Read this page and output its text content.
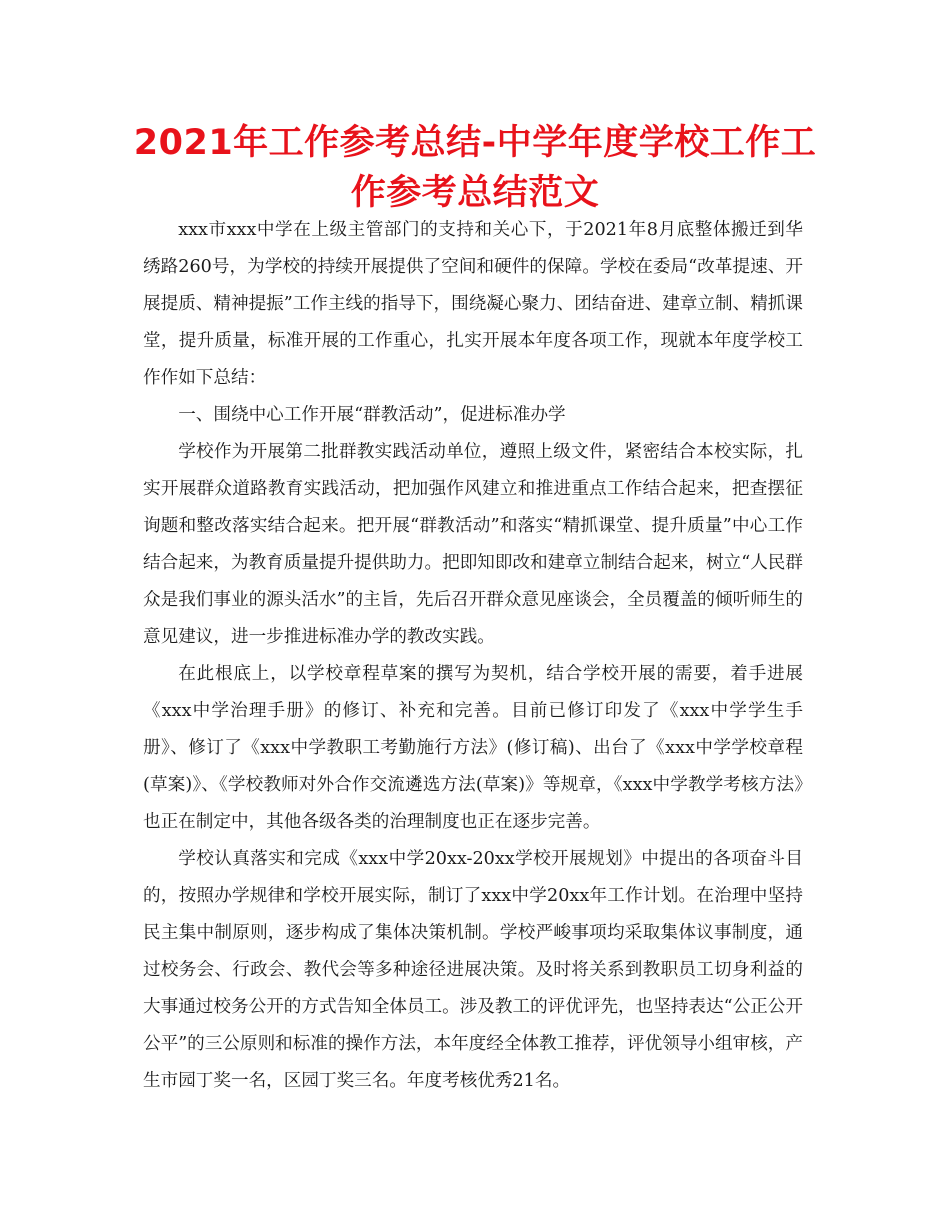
2021年工作参考总结-中学年度学校工作工作参考总结范文

xxx市xxx中学在上级主管部门的支持和关心下，于2021年8月底整体搬迁到华绣路260号，为学校的持续开展提供了空间和硬件的保障。学校在委局“改革提速、开展提质、精神提振”工作主线的指导下，围绕凝心聚力、团结奋进、建章立制、精抓课堂，提升质量，标准开展的工作重心，扎实开展本年度各项工作，现就本年度学校工作作如下总结：

一、围绕中心工作开展“群教活动”，促进标准办学

学校作为开展第二批群教实践活动单位，遵照上级文件，紧密结合本校实际，扎实开展群众道路教育实践活动，把加强作风建立和推进重点工作结合起来，把查摆征询题和整改落实结合起来。把开展“群教活动”和落实“精抓课堂、提升质量”中心工作结合起来，为教育质量提升提供助力。把即知即改和建章立制结合起来，树立“人民群众是我们事业的源头活水”的主旨，先后召开群众意见座谈会，全员覆盖的倾听师生的意见建议，进一步推进标准办学的教改实践。

在此根底上，以学校章程草案的撰写为契机，结合学校开展的需要，着手进展《xxx中学治理手册》的修订、补充和完善。目前已修订印发了《xxx中学学生手册》、修订了《xxx中学教职工考勤施行方法》(修订稿)、出台了《xxx中学学校章程(草案)》、《学校教师对外合作交流遴选方法(草案)》等规章，《xxx中学教学考核方法》也正在制定中，其他各级各类的治理制度也正在逐步完善。

学校认真落实和完成《xxx中学20xx-20xx学校开展规划》中提出的各项奋斗目的，按照办学规律和学校开展实际，制订了xxx中学20xx年工作计划。在治理中坚持民主集中制原则，逐步构成了集体决策机制。学校严峻事项均采取集体议事制度，通过校务会、行政会、教代会等多种途径进展决策。及时将关系到教职员工切身利益的大事通过校务公开的方式告知全体员工。涉及教工的评优评先，也坚持表达“公正公开公平”的三公原则和标准的操作方法，本年度经全体教工推荐，评优领导小组审核，产生市园丁奖一名，区园丁奖三名。年度考核优秀21名。
